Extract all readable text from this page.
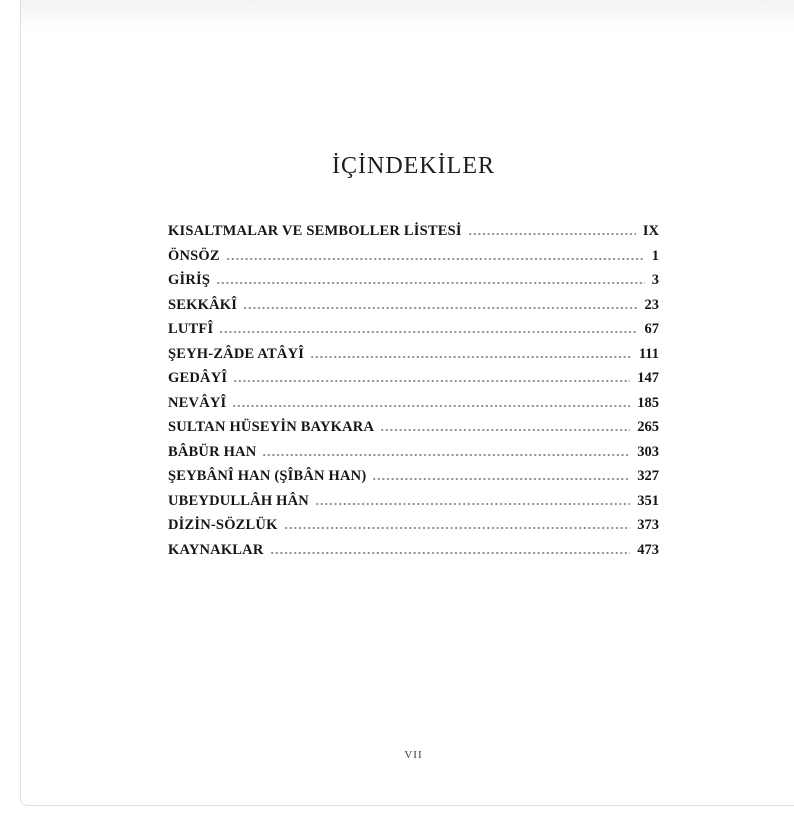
İÇİNDEKİLER
KISALTMALAR VE SEMBOLLER LİSTESİ	IX
ÖNSÖZ	1
GİRİŞ	3
SEKKÂKÎ	23
LUTFÎ	67
ŞEYH-ZÂDE ATÂYÎ	111
GEDÂYÎ	147
NEVÂYÎ	185
SULTAN HÜSEYİN BAYKARA	265
BÂBÜR HAN	303
ŞEYBÂNÎ HAN (ŞÎBÂN HAN)	327
UBEYDULLÂH HÂN	351
DİZİN-SÖZLÜK	373
KAYNAKLAR	473
VII
